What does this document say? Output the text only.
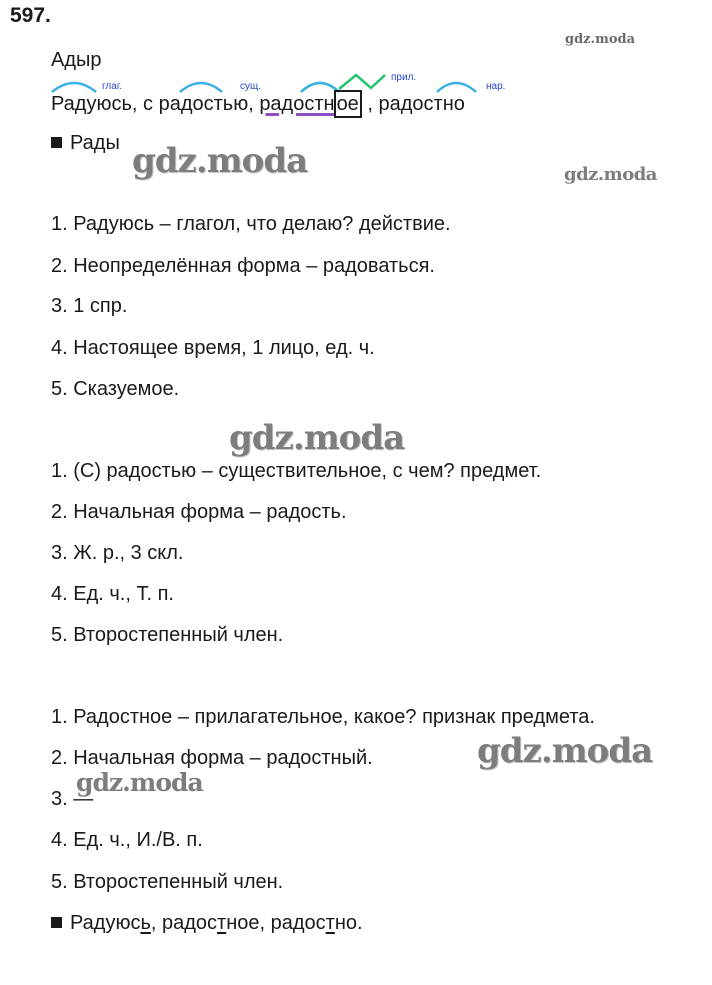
597.
gdz.moda
Адыр
глаг.	сущ.
прил.
нар.
Радуюсь, с радостью, радостн ое , радостно
Рады gdz.moda	gdz.moda
1. Радуюсь – глагол, что делаю? действие.
2. Неопределённая форма – радоваться.
3. 1 спр.
4. Настоящее время, 1 лицо, ед. ч.
5. Сказуемое.
gdz.moda
1. (С) радостью – существительное, с чем? предмет.
2. Начальная форма – радость.
3. Ж. р., 3 скл.
4. Ед. ч., Т. п.
5. Второстепенный член.
1. Радостное – прилагательное, какое? признак предмета.
2. Начальная форма – радостный.	gdz.moda
3. —
gdz.moda
4. Ед. ч., И./В. п.
5. Второстепенный член.
Радуюсь, радостное, радостно.
